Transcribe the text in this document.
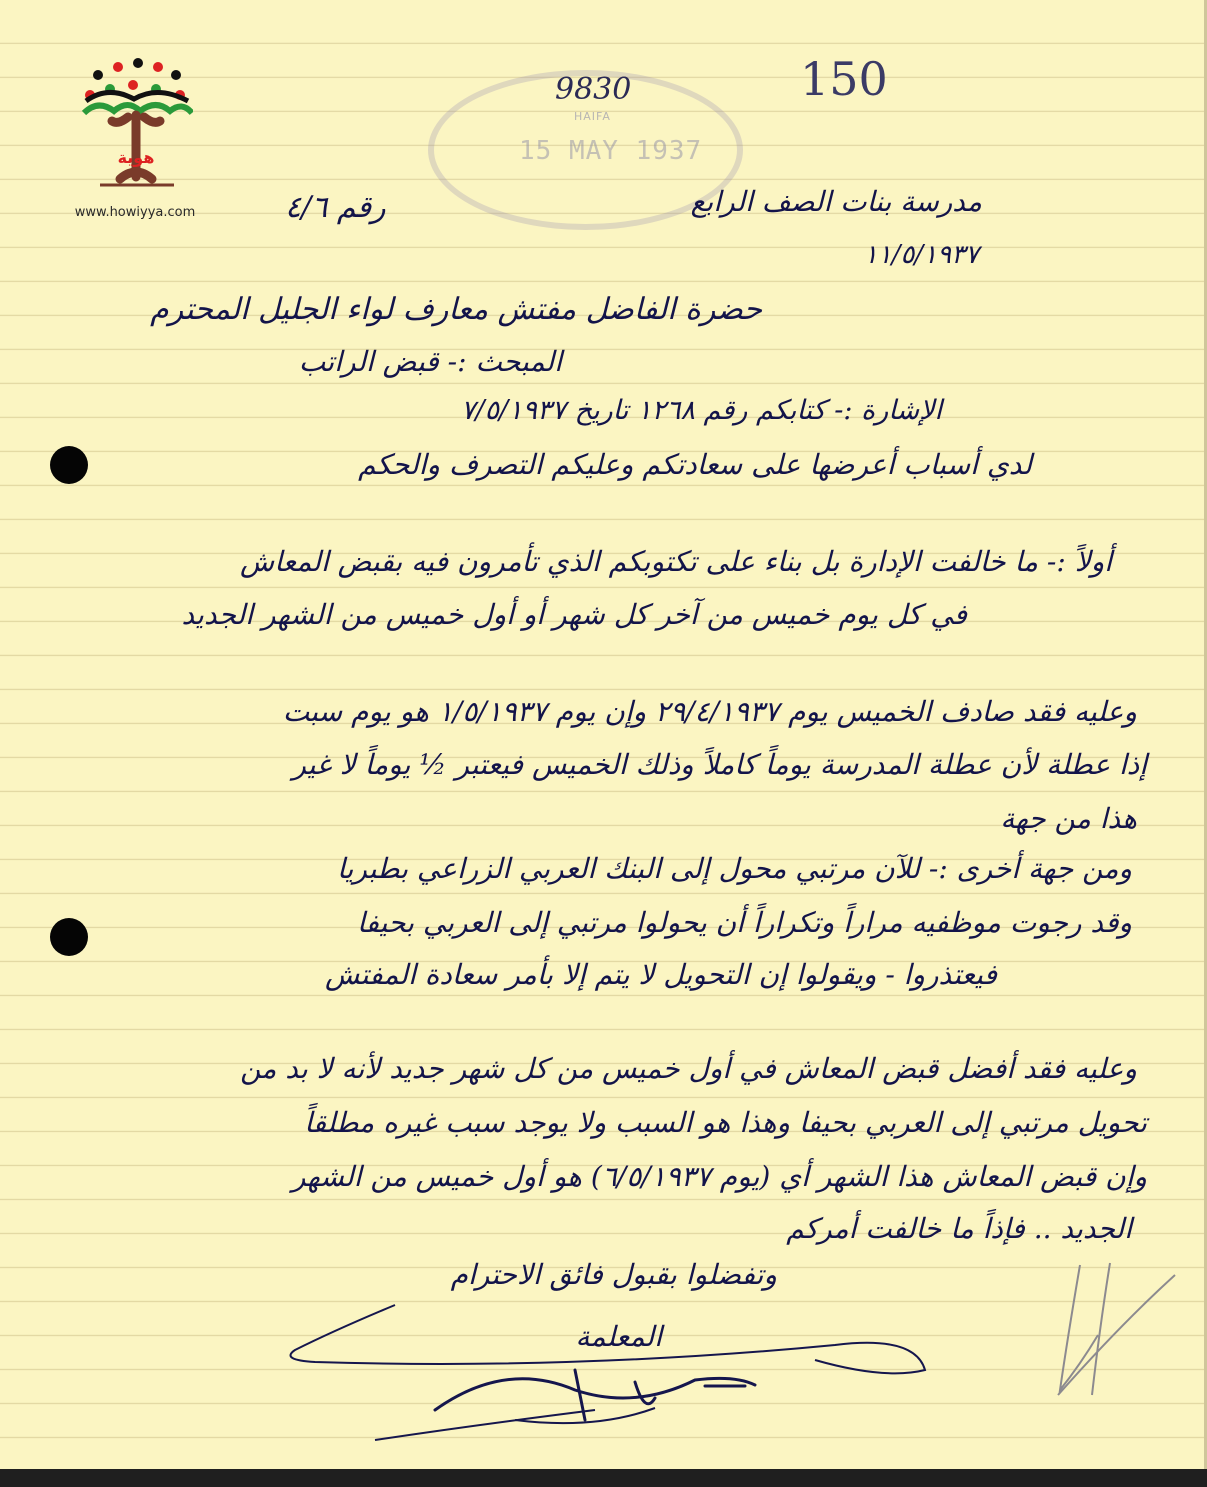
هوية
www.howiyya.com
HAIFA
15 MAY 1937
9830	150
رقم ٤/٦	مدرسة بنات الصف الرابع
١١/٥/١٩٣٧
حضرة الفاضل مفتش معارف لواء الجليل المحترم
المبحث :- قبض الراتب
الإشارة :- كتابكم رقم ١٢٦٨ تاريخ ٧/٥/١٩٣٧
لدي أسباب أعرضها على سعادتكم وعليكم التصرف والحكم
أولاً :- ما خالفت الإدارة بل بناء على تكتوبكم الذي تأمرون فيه بقبض المعاش
في كل يوم خميس من آخر كل شهر أو أول خميس من الشهر الجديد
وعليه فقد صادف الخميس يوم ٢٩/٤/١٩٣٧ وإن يوم ١/٥/١٩٣٧ هو يوم سبت
إذا عطلة لأن عطلة المدرسة يوماً كاملاً وذلك الخميس فيعتبر ½ يوماً لا غير
هذا من جهة
ومن جهة أخرى :- للآن مرتبي محول إلى البنك العربي الزراعي بطبريا
وقد رجوت موظفيه مراراً وتكراراً أن يحولوا مرتبي إلى العربي بحيفا
فيعتذروا - ويقولوا إن التحويل لا يتم إلا بأمر سعادة المفتش
وعليه فقد أفضل قبض المعاش في أول خميس من كل شهر جديد لأنه لا بد من
تحويل مرتبي إلى العربي بحيفا وهذا هو السبب ولا يوجد سبب غيره مطلقاً
وإن قبض المعاش هذا الشهر أي (يوم ٦/٥/١٩٣٧) هو أول خميس من الشهر
الجديد .. فإذاً ما خالفت أمركم
وتفضلوا بقبول فائق الاحترام
المعلمة
